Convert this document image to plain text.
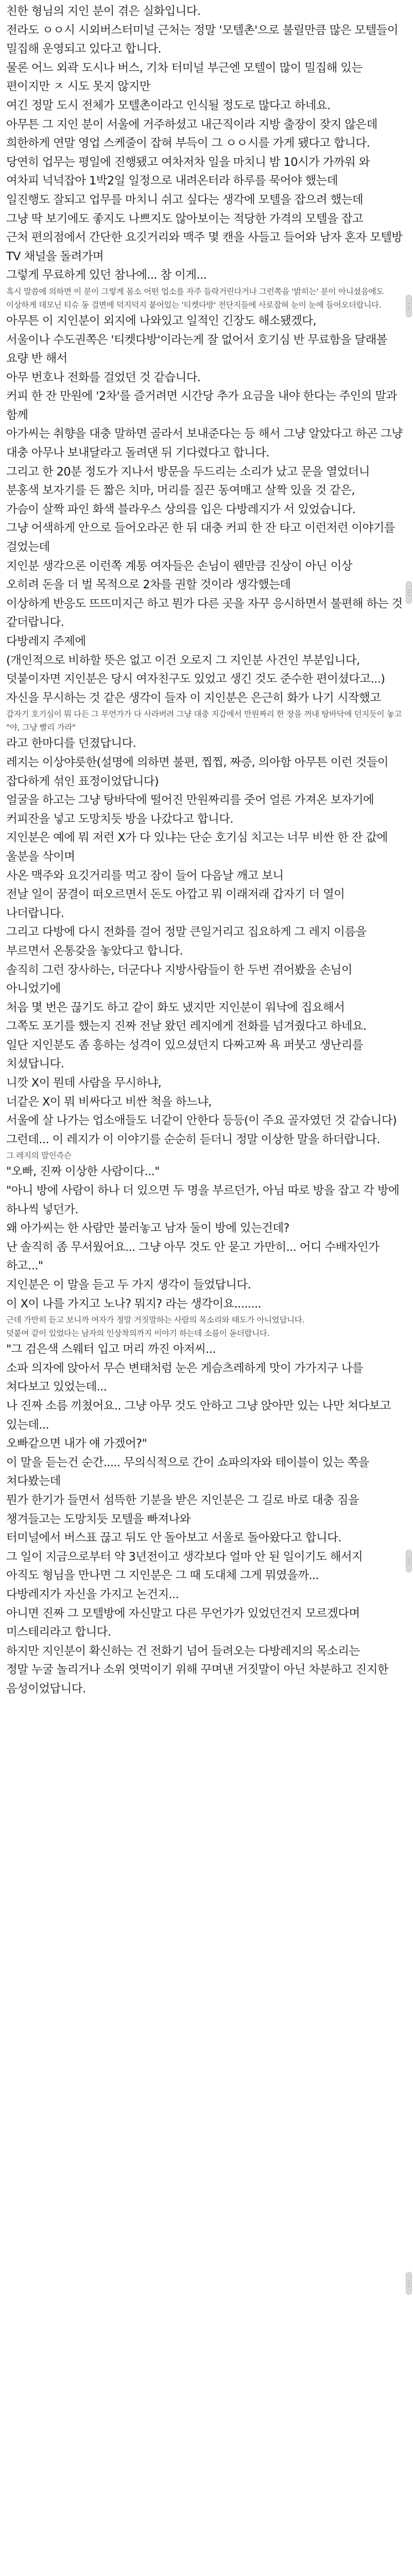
친한 형님의 지인 분이 겪은 실화입니다.

전라도 ㅇㅇ시 시외버스터미널 근처는 정말 '모텔촌'으로 불릴만큼 많은 모텔들이 밀집해 운영되고 있다고 합니다.

물론 어느 외곽 도시나 버스, 기차 터미널 부근엔 모텔이 많이 밀집해 있는 편이지만 ㅈ 시도 못지 않지만

여긴 정말 도시 전체가 모텔촌이라고 인식될 정도로 많다고 하네요.

아무튼 그 지인 분이 서울에 거주하셨고 내근직이라 지방 출장이 잦지 않은데

희한하게 연말 영업 스케줄이 잡혀 부득이 그 ㅇㅇ시를 가게 됐다고 합니다.

당연히 업무는 평일에 진행됐고 여차저차 일을 마치니 밤 10시가 가까워 와

여차피 넉넉잡아 1박2일 일정으로 내려온터라 하루를 묵어야 했는데

일진행도 잘되고 업무를 마치니 쉬고 싶다는 생각에 모텔을 잡으려 했는데

그냥 딱 보기에도 좋지도 나쁘지도 않아보이는 적당한 가격의 모텔을 잡고

근처 편의점에서 간단한 요깃거리와 맥주 몇 캔을 사들고 들어와 남자 혼자 모텔방 TV 채널을 돌려가며

그렇게 무료하게 있던 참나에... 참 이게...

혹시 말씀에 의하면 이 분이 그렇게 몸소 어떤 업소를 자주 들락거린다거나 그런쪽을 '밝히는' 분이 아니셨음에도

이상하게 데모닌 티슈 동 걸면에 덕지덕지 붙어있는 '티켓다방' 전단지들에 사로잡혀 눈이 눈에 들어오더랍니다.

아무튼 이 지인분이 외지에 나와있고 일적인 긴장도 해소됐겠다,

서울이나 수도권쪽은 '티켓다방'이라는게 잘 없어서 호기심 반 무료함을 달래볼 요량 반 해서

아무 번호나 전화를 걸었던 것 같습니다.

커피 한 잔 만원에 '2차'를 즐거려면 시간당 추가 요금을 내야 한다는 주인의 말과 함께

아가씨는 취향을 대충 말하면 골라서 보내준다는 등 해서 그냥 알았다고 하곤 그냥 대충 아무나 보내달라고 돌려댄 뒤 기다렸다고 합니다.

그리고 한 20분 정도가 지나서 방문을 두드리는 소리가 났고 문을 열었더니

분홍색 보자기를 든 짧은 치마, 머리를 질끈 동여매고 살짝 있을 것 같은,

가슴이 살짝 파인 화색 블라우스 상의를 입은 다방레지가 서 있었습니다.

그냥 어색하게 안으로 들어오라곤 한 뒤 대충 커피 한 잔 타고 이런저런 이야기를 걸었는데

지인분 생각으론 이런쪽 계통 여자들은 손님이 웬만큼 진상이 아닌 이상

오히려 돈을 더 벌 목적으로 2차를 권할 것이라 생각했는데

이상하게 반응도 뜨뜨미지근 하고 뭔가 다른 곳을 자꾸 응시하면서 불편해 하는 것 같더랍니다.

다방레지 주제에

(개인적으로 비하할 뜻은 없고 이건 오로지 그 지인분 사건인 부분입니다,

덧붙이자면 지인분은 당시 여자친구도 있었고 생긴 것도 준수한 편이셨다고...)

자신을 무시하는 것 같은 생각이 들자 이 지인분은 은근히 화가 나기 시작했고

갑자기 호기심이 뭐 다든 그 무언가가 다 사라버려 그냥 대충 지갑에서 만원짜리 한 장을 꺼내 탕바닥에 던지듯이 놓고

"야, 그냥 빨리 가라"

라고 한마디를 던졌답니다.

레지는 이상야릇한(설명에 의하면 불편, 찝찝, 짜증, 의아함 아무튼 이런 것들이 잡다하게 섞인 표정이었답니다)

얼굴을 하고는 그냥 탕바닥에 떨어진 만원짜리를 줏어 얼른 가져온 보자기에 커피잔을 넣고 도망치듯 방을 나갔다고 합니다.

지인분은 예에 뭐 저런 X가 다 있냐는 단순 호기심 치고는 너무 비싼 한 잔 값에 울분을 삭이며

사온 맥주와 요깃거리를 먹고 잠이 들어 다음날 깨고 보니

전날 일이 꿈결이 떠오르면서 돈도 아깝고 뭐 이래저래 갑자기 더 열이 나더랍니다.

그리고 다방에 다시 전화를 걸어 정말 큰일거리고 집요하게 그 레지 이름을 부르면서 온통갖을 놓았다고 합니다.

솔직히 그런 장사하는, 더군다나 지방사람들이 한 두번 겪어봤을 손님이 아니었기에

처음 몇 번은 끊기도 하고 같이 화도 냈지만 지인분이 워낙에 집요해서

그쪽도 포기를 했는지 진짜 전날 왔던 레지에게 전화를 넘겨줬다고 하네요.

일단 지인분도 좀 흥하는 성격이 있으셨던지 다짜고짜 욕 퍼붓고 생난리를 치셨답니다.

니깟 X이 뭔데 사람을 무시하냐,

너같은 X이 뭐 비싸다고 비싼 척을 하느냐,

서울에 살 나가는 업소애들도 너같이 안한다 등등(이 주요 골자였던 것 같습니다)

그런데... 이 레지가 이 이야기를 순순히 듣더니 정말 이상한 말을 하더랍니다.

그 레지의 말인즉슨

"오빠, 진짜 이상한 사람이다..."

"아니 방에 사람이 하나 더 있으면 두 명을 부르던가, 아님 따로 방을 잡고 각 방에 하나씩 넣던가.

왜 아가씨는 한 사람만 불러놓고 남자 둘이 방에 있는건데?

난 솔직히 좀 무서웠어요... 그냥 아무 것도 안 묻고 가만히... 어디 수배자인가 하고..."

지인분은 이 말을 듣고 두 가지 생각이 들었답니다.

이 X이 나를 가지고 노나? 뭐지? 라는 생각이요........

근데 가만히 듣고 보니까 여자가 정말 거짓말하는 사람의 목소리와 태도가 아니었답니다.

덧붙여 같이 있었다는 남자의 인상착의까지 이야기 하는데 소름이 돋더랍니다.

"그 검은색 스웨터 입고 머리 까진 아저씨...

소파 의자에 앉아서 무슨 변태처럼 눈은 게슴츠레하게 맛이 가가지구 나를 쳐다보고 있었는데...

나 진짜 소름 끼쳤어요.. 그냥 아무 것도 안하고 그냥 앉아만 있는 나만 쳐다보고 있는데...

오빠같으면 내가 얘 가겠어?"

이 말을 듣는건 순간..... 무의식적으로 간이 쇼파의자와 테이블이 있는 쪽을 쳐다봤는데

뭔가 한기가 들면서 섬뜩한 기분을 받은 지인분은 그 길로 바로 대충 짐을 챙겨들고는 도망치듯 모텔을 빠져나와

터미널에서 버스표 끊고 뒤도 안 돌아보고 서울로 돌아왔다고 합니다.

그 일이 지금으로부터 약 3년전이고 생각보다 얼마 안 된 일이기도 해서지

아직도 형님을 만나면 그 지인분은 그 때 도대체 그게 뭐였을까...

다방레지가 자신을 가지고 논건지...

아니면 진짜 그 모텔방에 자신말고 다른 무언가가 있었던건지 모르겠다며 미스테리라고 합니다.

하지만 지인분이 확신하는 건 전화기 넘어 들려오는 다방레지의 목소리는

정말 누굴 놀리거나 소위 엿먹이기 위해 꾸며낸 거짓말이 아닌 차분하고 진지한 음성이었답니다.
